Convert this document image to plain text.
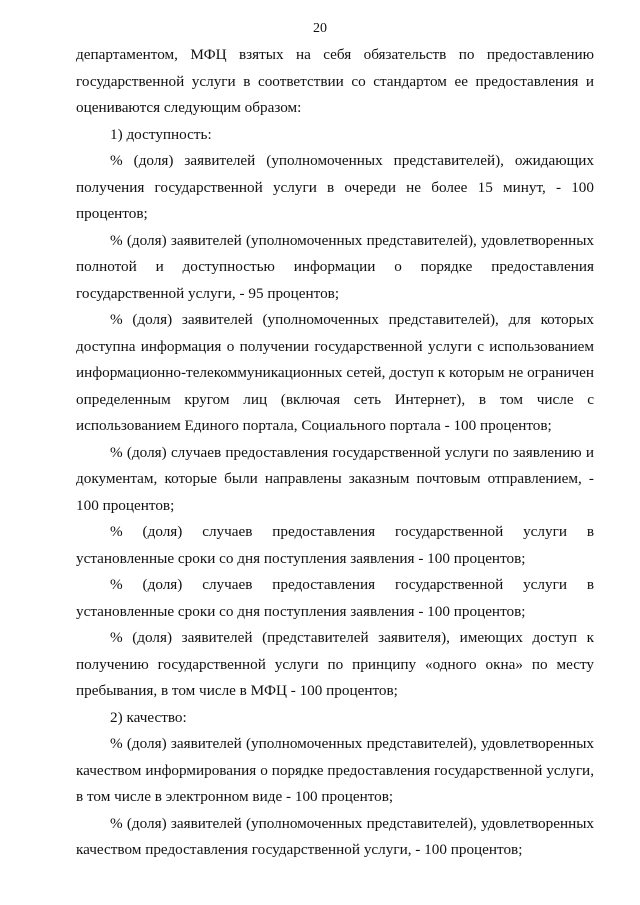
20

департаментом, МФЦ взятых на себя обязательств по предоставлению государственной услуги в соответствии со стандартом ее предоставления и оцениваются следующим образом:

1) доступность:

% (доля) заявителей (уполномоченных представителей), ожидающих получения государственной услуги в очереди не более 15 минут, - 100 процентов;

% (доля) заявителей (уполномоченных представителей), удовлетворенных полнотой и доступностью информации о порядке предоставления государственной услуги, - 95 процентов;

% (доля) заявителей (уполномоченных представителей), для которых доступна информация о получении государственной услуги с использованием информационно-телекоммуникационных сетей, доступ к которым не ограничен определенным кругом лиц (включая сеть Интернет), в том числе с использованием Единого портала, Социального портала - 100 процентов;

% (доля) случаев предоставления государственной услуги по заявлению и документам, которые были направлены заказным почтовым отправлением, - 100 процентов;

% (доля) случаев предоставления государственной услуги в установленные сроки со дня поступления заявления - 100 процентов;

% (доля) случаев предоставления государственной услуги в установленные сроки со дня поступления заявления - 100 процентов;

% (доля) заявителей (представителей заявителя), имеющих доступ к получению государственной услуги по принципу «одного окна» по месту пребывания, в том числе в МФЦ - 100 процентов;

2) качество:

% (доля) заявителей (уполномоченных представителей), удовлетворенных качеством информирования о порядке предоставления государственной услуги, в том числе в электронном виде - 100 процентов;

% (доля) заявителей (уполномоченных представителей), удовлетворенных качеством предоставления государственной услуги, - 100 процентов;
